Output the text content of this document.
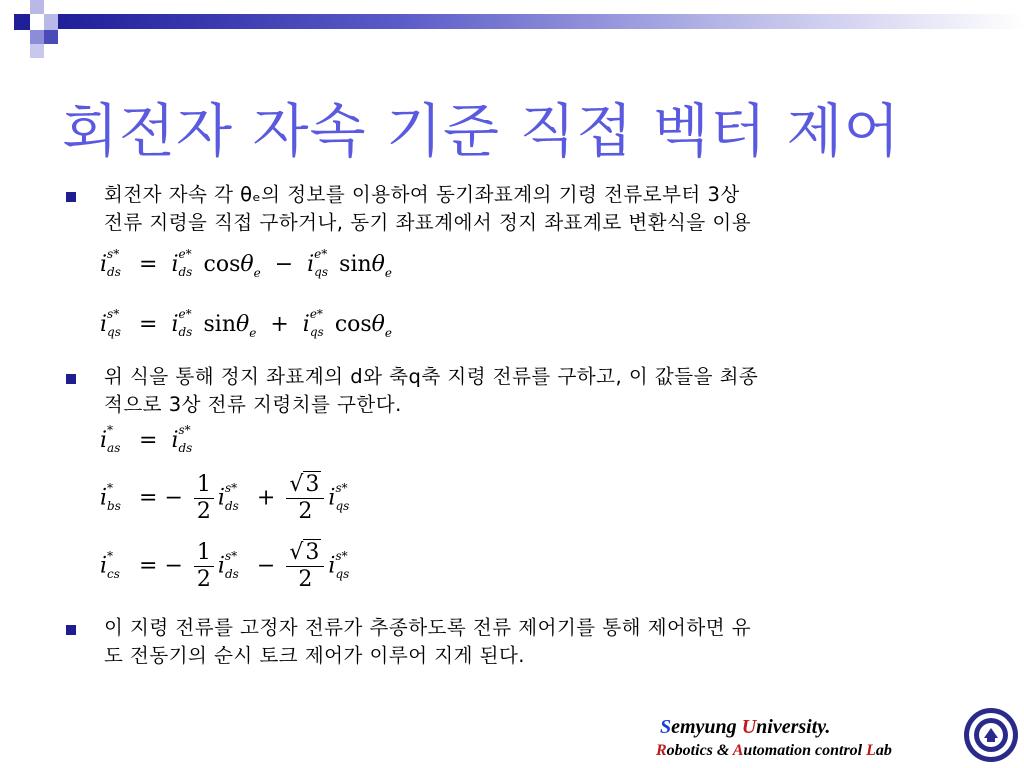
회전자 자속 기준 직접 벡터 제어
회전자 자속 각 θₑ의 정보를 이용하여 동기좌표계의 기령 전류로부터 3상
전류 지령을 직접 구하거나, 동기 좌표계에서 정지 좌표계로 변환식을 이용
i s*
ds =  i e*
ds cosθ$_e$  −  i e*
qs sinθ$_e$
i s*
qs =  i e*
ds sinθ$_e$  +  i e*
qs cosθ$_e$
위 식을 통해 정지 좌표계의 d와 축q축 지령 전류를 구하고, 이 값들을 최종
적으로 3상 전류 지령치를 구한다.
i *
as =  i s*
ds
i *
bs = − $\frac{1}{2}$ i s*
ds + $\frac{√3}{2}$ i s*
qs
i *
cs = − $\frac{1}{2}$ i s*
ds − $\frac{√3}{2}$ i s*
qs
이 지령 전류를 고정자 전류가 추종하도록 전류 제어기를 통해 제어하면 유
도 전동기의 순시 토크 제어가 이루어 지게 된다.
Semyung University.
Robotics & Automation control Lab
